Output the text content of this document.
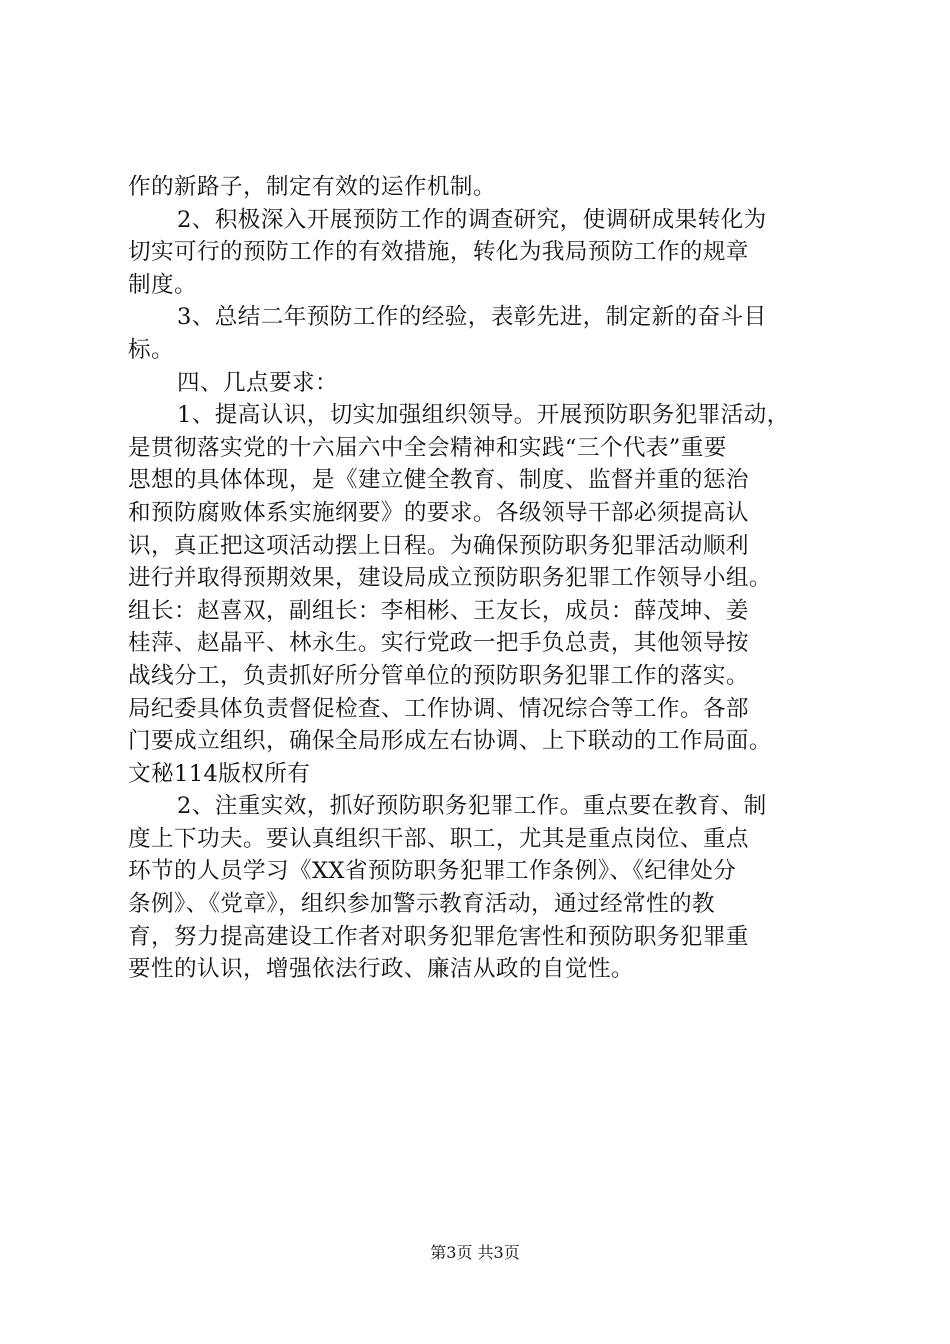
作的新路子，制定有效的运作机制。
2、积极深入开展预防工作的调查研究，使调研成果转化为
切实可行的预防工作的有效措施，转化为我局预防工作的规章
制度。
3、总结二年预防工作的经验，表彰先进，制定新的奋斗目
标。
四、几点要求：
1、提高认识，切实加强组织领导。开展预防职务犯罪活动，
是贯彻落实党的十六届六中全会精神和实践“三个代表”重要
思想的具体体现，是《建立健全教育、制度、监督并重的惩治
和预防腐败体系实施纲要》的要求。各级领导干部必须提高认
识，真正把这项活动摆上日程。为确保预防职务犯罪活动顺利
进行并取得预期效果，建设局成立预防职务犯罪工作领导小组。
组长：赵喜双，副组长：李相彬、王友长，成员：薛茂坤、姜
桂萍、赵晶平、林永生。实行党政一把手负总责，其他领导按
战线分工，负责抓好所分管单位的预防职务犯罪工作的落实。
局纪委具体负责督促检查、工作协调、情况综合等工作。各部
门要成立组织，确保全局形成左右协调、上下联动的工作局面。
文秘114版权所有
2、注重实效，抓好预防职务犯罪工作。重点要在教育、制
度上下功夫。要认真组织干部、职工，尤其是重点岗位、重点
环节的人员学习《XX省预防职务犯罪工作条例》、《纪律处分
条例》、《党章》，组织参加警示教育活动，通过经常性的教
育，努力提高建设工作者对职务犯罪危害性和预防职务犯罪重
要性的认识，增强依法行政、廉洁从政的自觉性。
第3页 共3页
